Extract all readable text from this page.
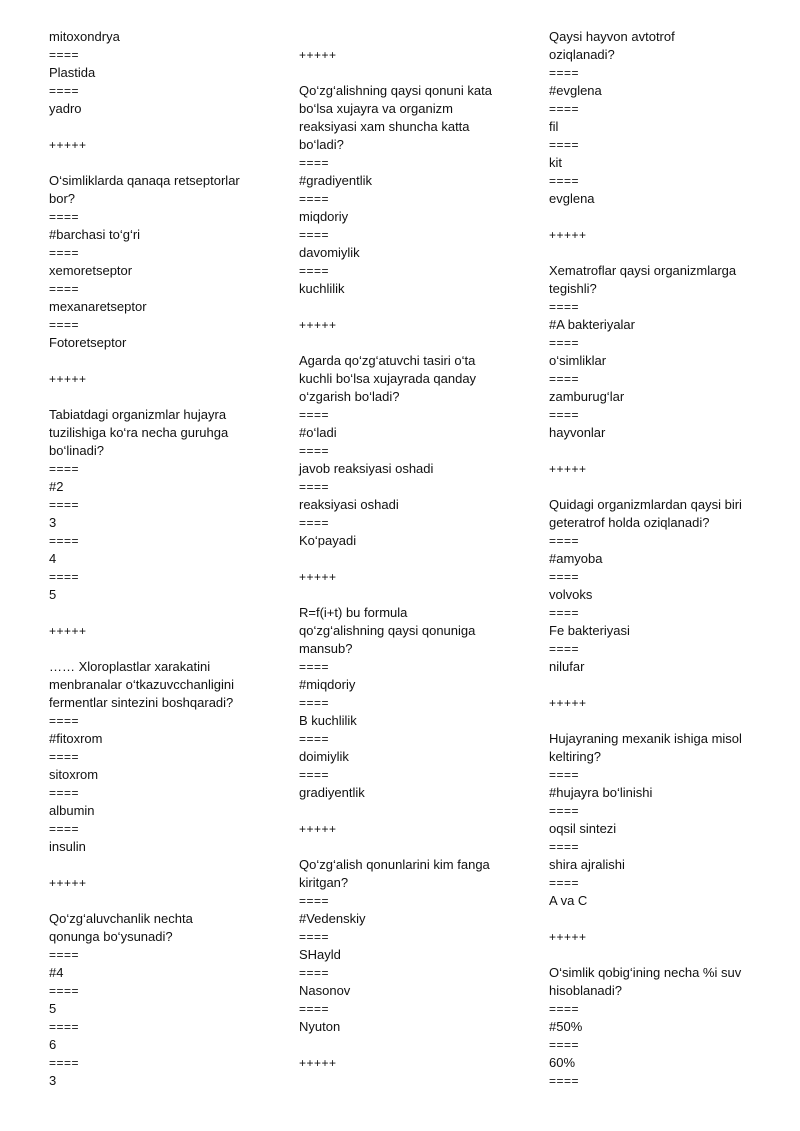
mitoxondrya
====
Plastida
====
yadro
+++++
O‘simliklarda qanaqa retseptorlar
bor?
====
#barchasi to‘g‘ri
====
xemoretseptor
====
mexanaretseptor
====
Fotoretseptor
+++++
Tabiatdagi organizmlar hujayra
tuzilishiga ko‘ra necha guruhga
bo‘linadi?
====
#2
====
3
====
4
====
5
+++++
…… Xloroplastlar xarakatini
menbranalar o‘tkazuvcchanligini
fermentlar sintezini boshqaradi?
====
#fitoxrom
====
sitoxrom
====
albumin
====
insulin
+++++
Qo‘zg‘aluvchanlik nechta
qonunga bo‘ysunadi?
====
#4
====
5
====
6
====
3
+++++
Qo‘zg‘alishning qaysi qonuni kata
bo‘lsa xujayra va organizm
reaksiyasi xam shuncha katta
bo‘ladi?
====
#gradiyentlik
====
miqdoriy
====
davomiylik
====
kuchlilik
+++++
Agarda qo‘zg‘atuvchi tasiri o‘ta
kuchli bo‘lsa xujayrada qanday
o‘zgarish bo‘ladi?
====
#o‘ladi
====
javob reaksiyasi oshadi
====
reaksiyasi oshadi
====
Ko‘payadi
+++++
R=f(i+t) bu formula
qo‘zg‘alishning qaysi qonuniga
mansub?
====
#miqdoriy
====
B kuchlilik
====
doimiylik
====
gradiyentlik
+++++
Qo‘zg‘alish qonunlarini kim fanga
kiritgan?
====
#Vedenskiy
====
SHayld
====
Nasonov
====
Nyuton
+++++
Qaysi hayvon avtotrof
oziqlanadi?
====
#evglena
====
fil
====
kit
====
evglena
+++++
Xematroflar qaysi organizmlarga
tegishli?
====
#A bakteriyalar
====
o‘simliklar
====
zamburug‘lar
====
hayvonlar
+++++
Quidagi organizmlardan qaysi biri
geteratrof holda oziqlanadi?
====
#amyoba
====
volvoks
====
Fe bakteriyasi
====
nilufar
+++++
Hujayraning mexanik ishiga misol
keltiring?
====
#hujayra bo‘linishi
====
oqsil sintezi
====
shira ajralishi
====
A va C
+++++
O‘simlik qobig‘ining necha %i suv
hisoblanadi?
====
#50%
====
60%
====
